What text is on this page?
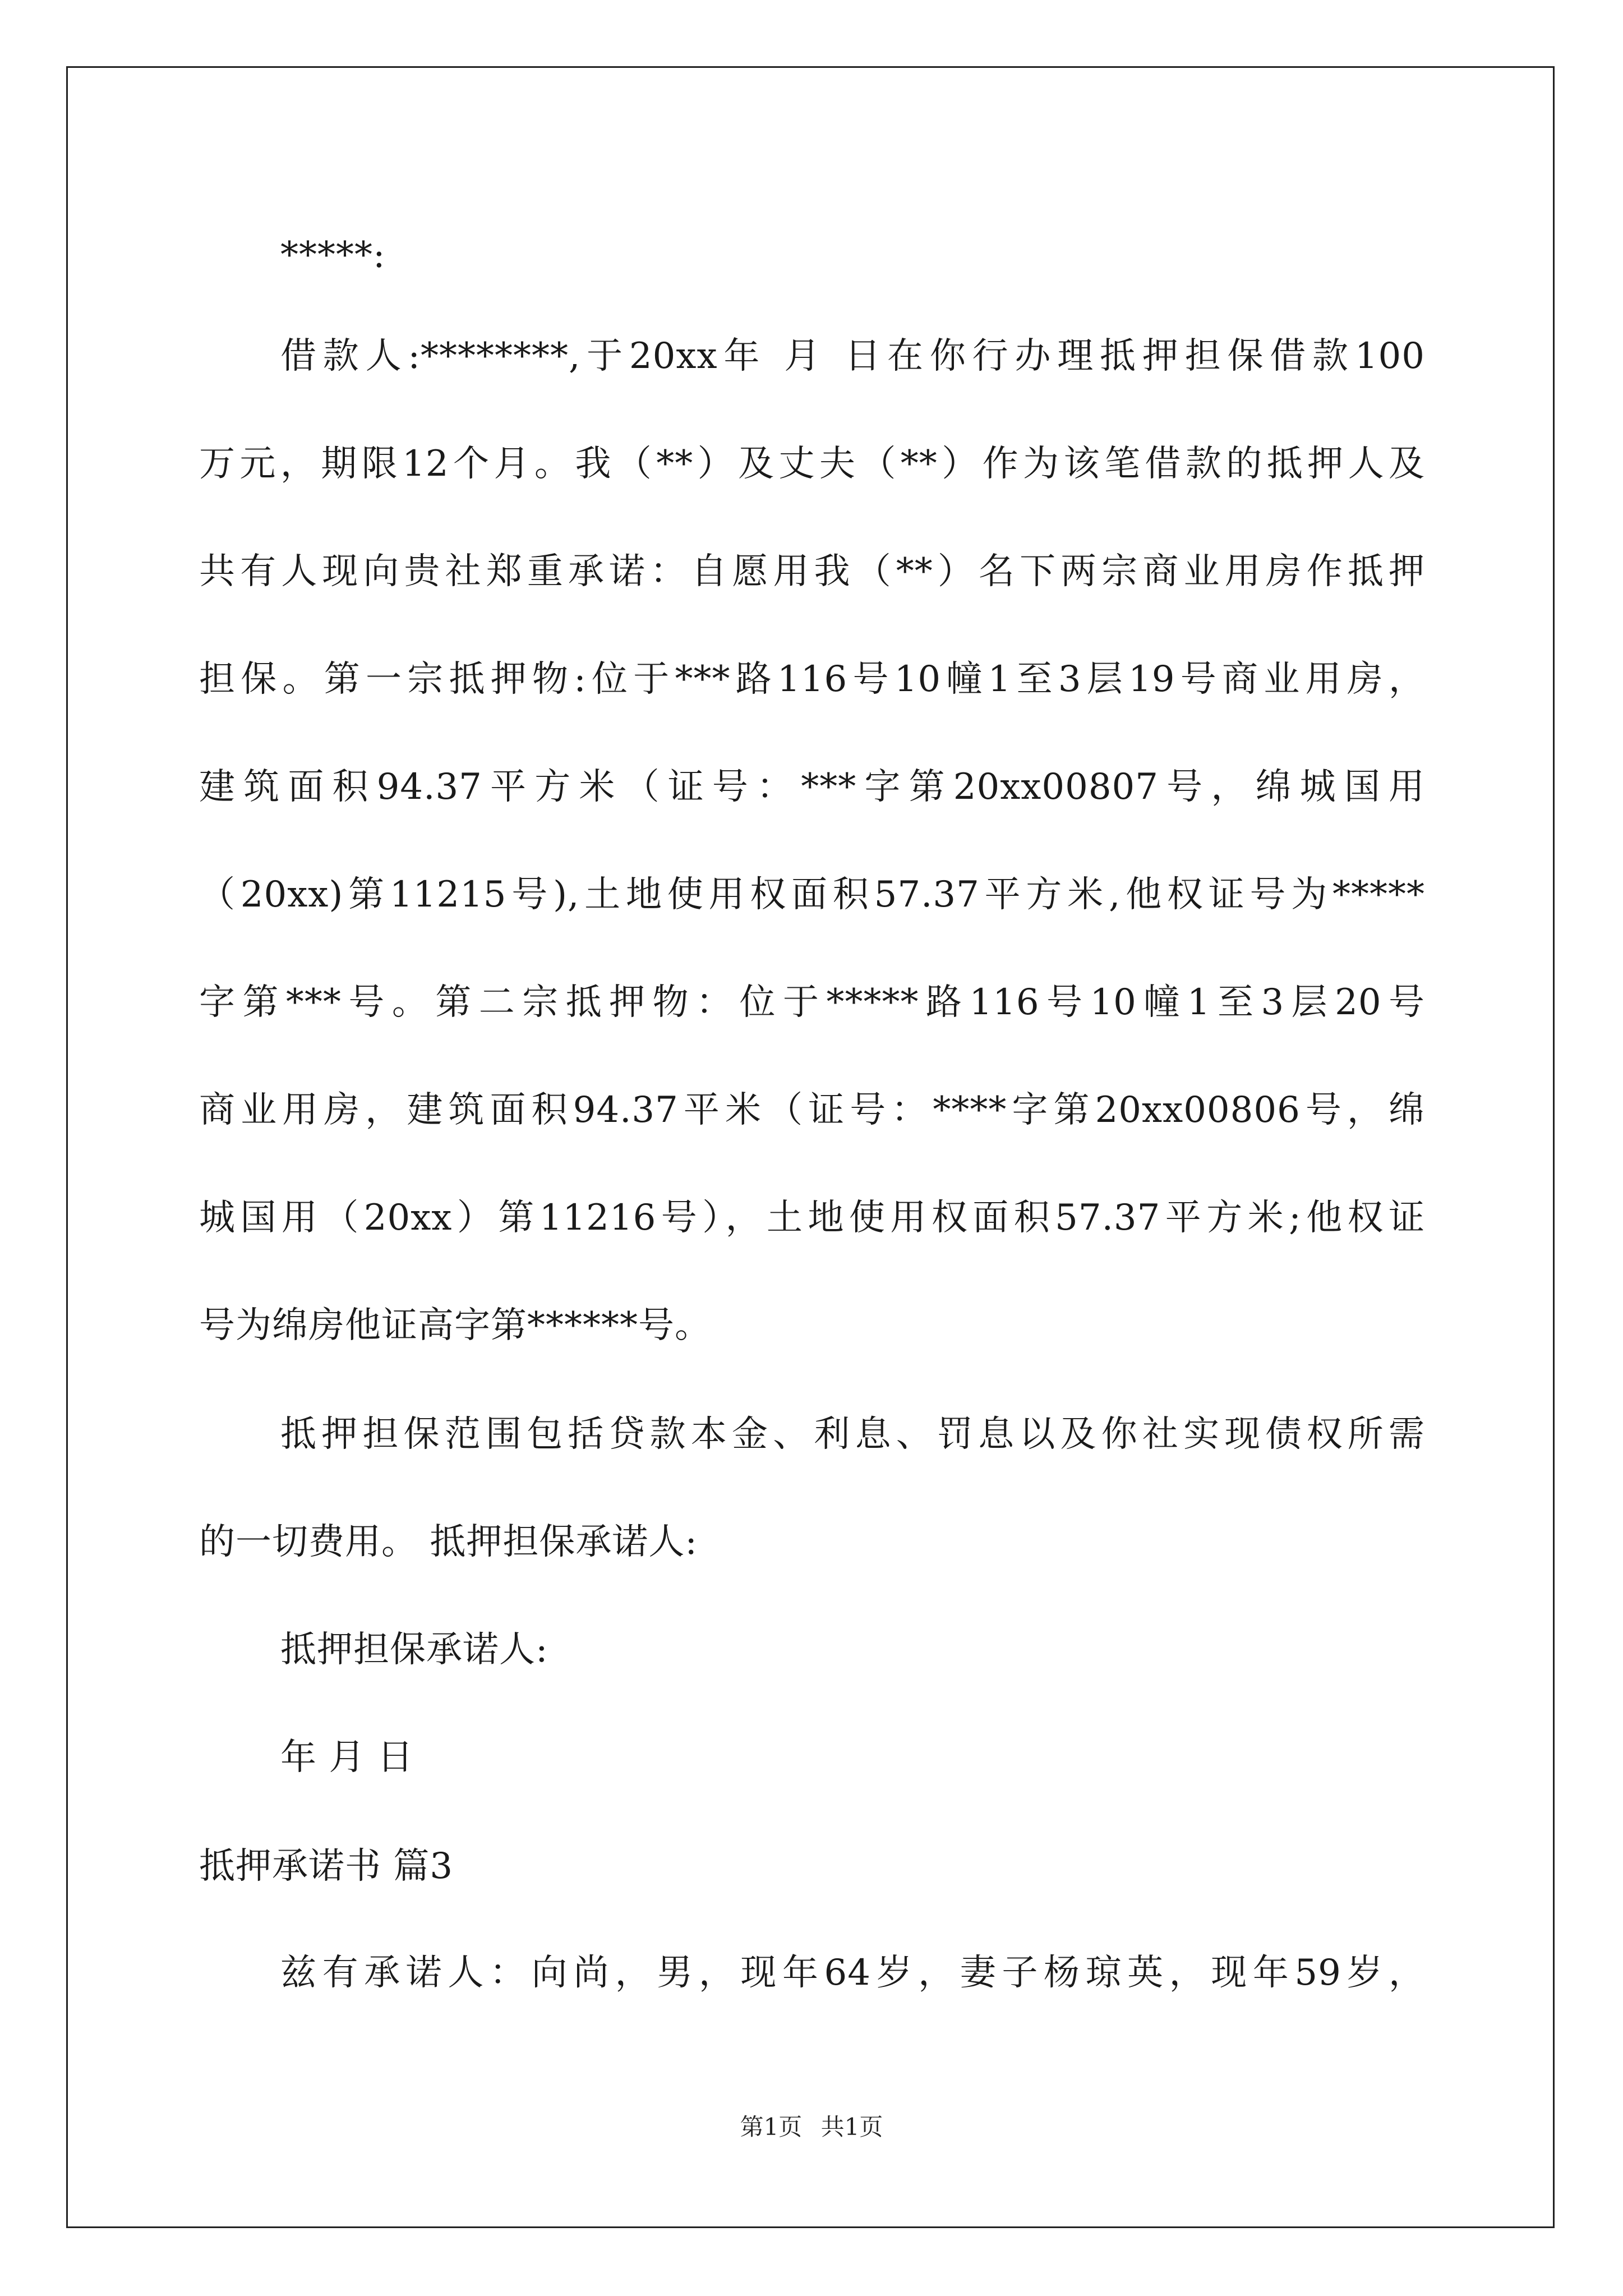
*****:
借款人:********,于20xx年 月 日在你行办理抵押担保借款100
万元，期限12个月。我（**）及丈夫（**）作为该笔借款的抵押人及
共有人现向贵社郑重承诺：自愿用我（**）名下两宗商业用房作抵押
担保。第一宗抵押物:位于***路116号10幢1至3层19号商业用房，
建筑面积94.37平方米（证号：***字第20xx00807号，绵城国用
（20xx)第11215号),土地使用权面积57.37平方米,他权证号为*****
字第***号。第二宗抵押物：位于*****路116号10幢1至3层20号
商业用房，建筑面积94.37平米（证号：****字第20xx00806号，绵
城国用（20xx）第11216号），土地使用权面积57.37平方米;他权证
号为绵房他证高字第******号。
抵押担保范围包括贷款本金、利息、罚息以及你社实现债权所需
的一切费用。 抵押担保承诺人:
抵押担保承诺人:
年 月 日
抵押承诺书 篇3
兹有承诺人：向尚，男，现年64岁，妻子杨琼英，现年59岁，
第1页 共1页
